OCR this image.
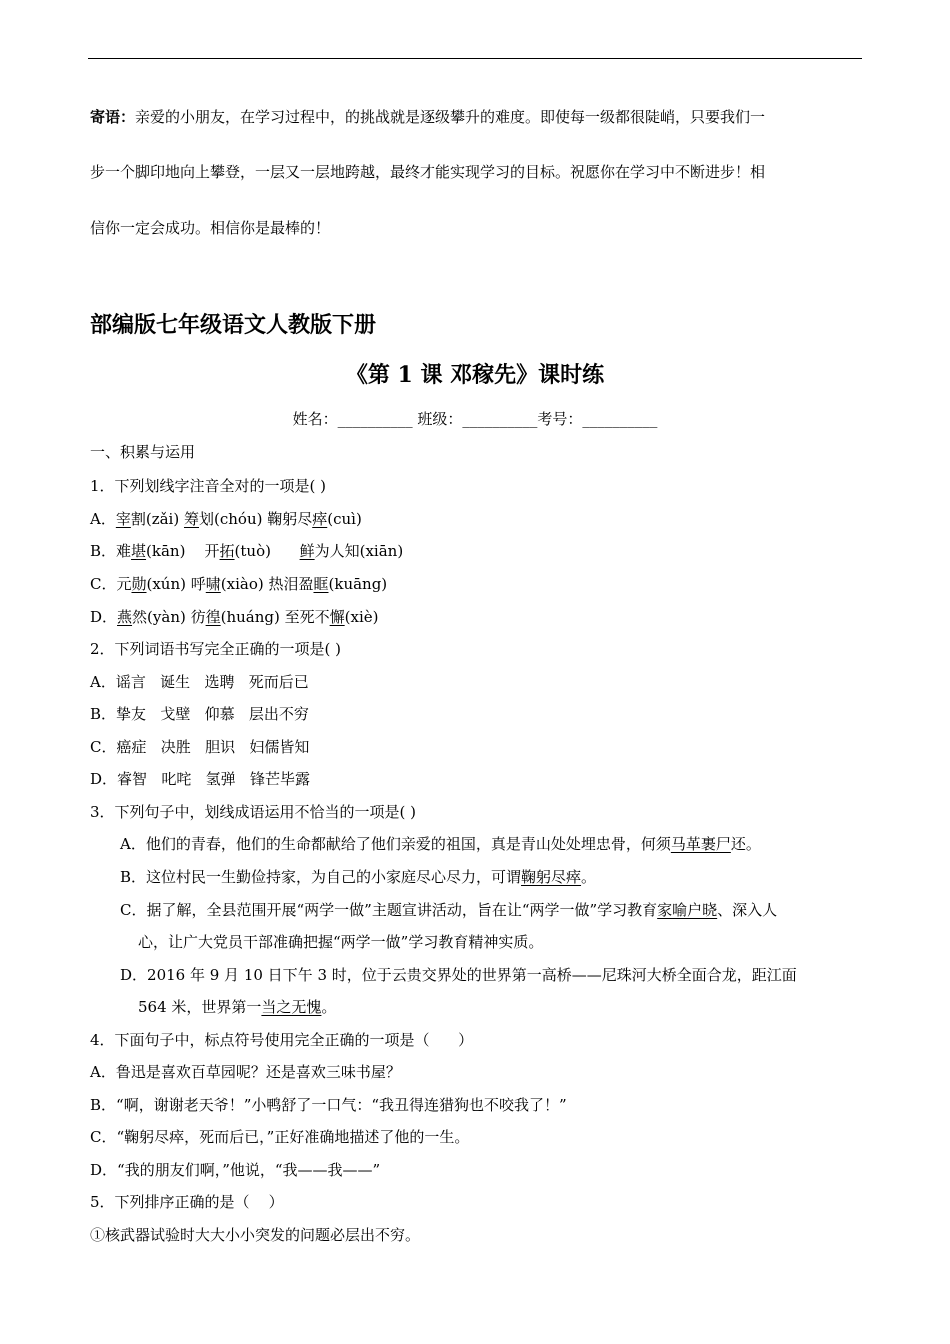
寄语：亲爱的小朋友，在学习过程中，的挑战就是逐级攀升的难度。即使每一级都很陡峭，只要我们一
步一个脚印地向上攀登，一层又一层地跨越，最终才能实现学习的目标。祝愿你在学习中不断进步！相
信你一定会成功。相信你是最棒的！
部编版七年级语文人教版下册
《第 1 课 邓稼先》课时练
姓名：__________ 班级：__________考号：__________
一、积累与运用
1．下列划线字注音全对的一项是( )
A．宰割(zǎi) 筹划(chóu) 鞠躬尽瘁(cuì)
B．难堪(kān)    开拓(tuò)      鲜为人知(xiān)
C．元勋(xún) 呼啸(xiào) 热泪盈眶(kuāng)
D．燕然(yàn) 彷徨(huáng) 至死不懈(xiè)
2．下列词语书写完全正确的一项是( )
A．谣言   诞生   选聘   死而后已
B．挚友   戈壁   仰慕   层出不穷
C．癌症   决胜   胆识   妇儒皆知
D．睿智   叱咤   氢弹   锋芒毕露
3．下列句子中，划线成语运用不恰当的一项是( )
A．他们的青春，他们的生命都献给了他们亲爱的祖国，真是青山处处埋忠骨，何须马革裹尸还。
B．这位村民一生勤俭持家，为自己的小家庭尽心尽力，可谓鞠躬尽瘁。
C．据了解，全县范围开展“两学一做”主题宣讲活动，旨在让“两学一做”学习教育家喻户晓、深入人
心，让广大党员干部准确把握“两学一做”学习教育精神实质。
D．2016 年 9 月 10 日下午 3 时，位于云贵交界处的世界第一高桥——尼珠河大桥全面合龙，距江面
564 米，世界第一当之无愧。
4．下面句子中，标点符号使用完全正确的一项是（      ）
A．鲁迅是喜欢百草园呢？还是喜欢三味书屋？
B．“啊，谢谢老天爷！”小鸭舒了一口气：“我丑得连猎狗也不咬我了！”
C．“鞠躬尽瘁，死而后已，”正好准确地描述了他的一生。
D．“我的朋友们啊，”他说，“我——我——”
5．下列排序正确的是（    ）
①核武器试验时大大小小突发的问题必层出不穷。
